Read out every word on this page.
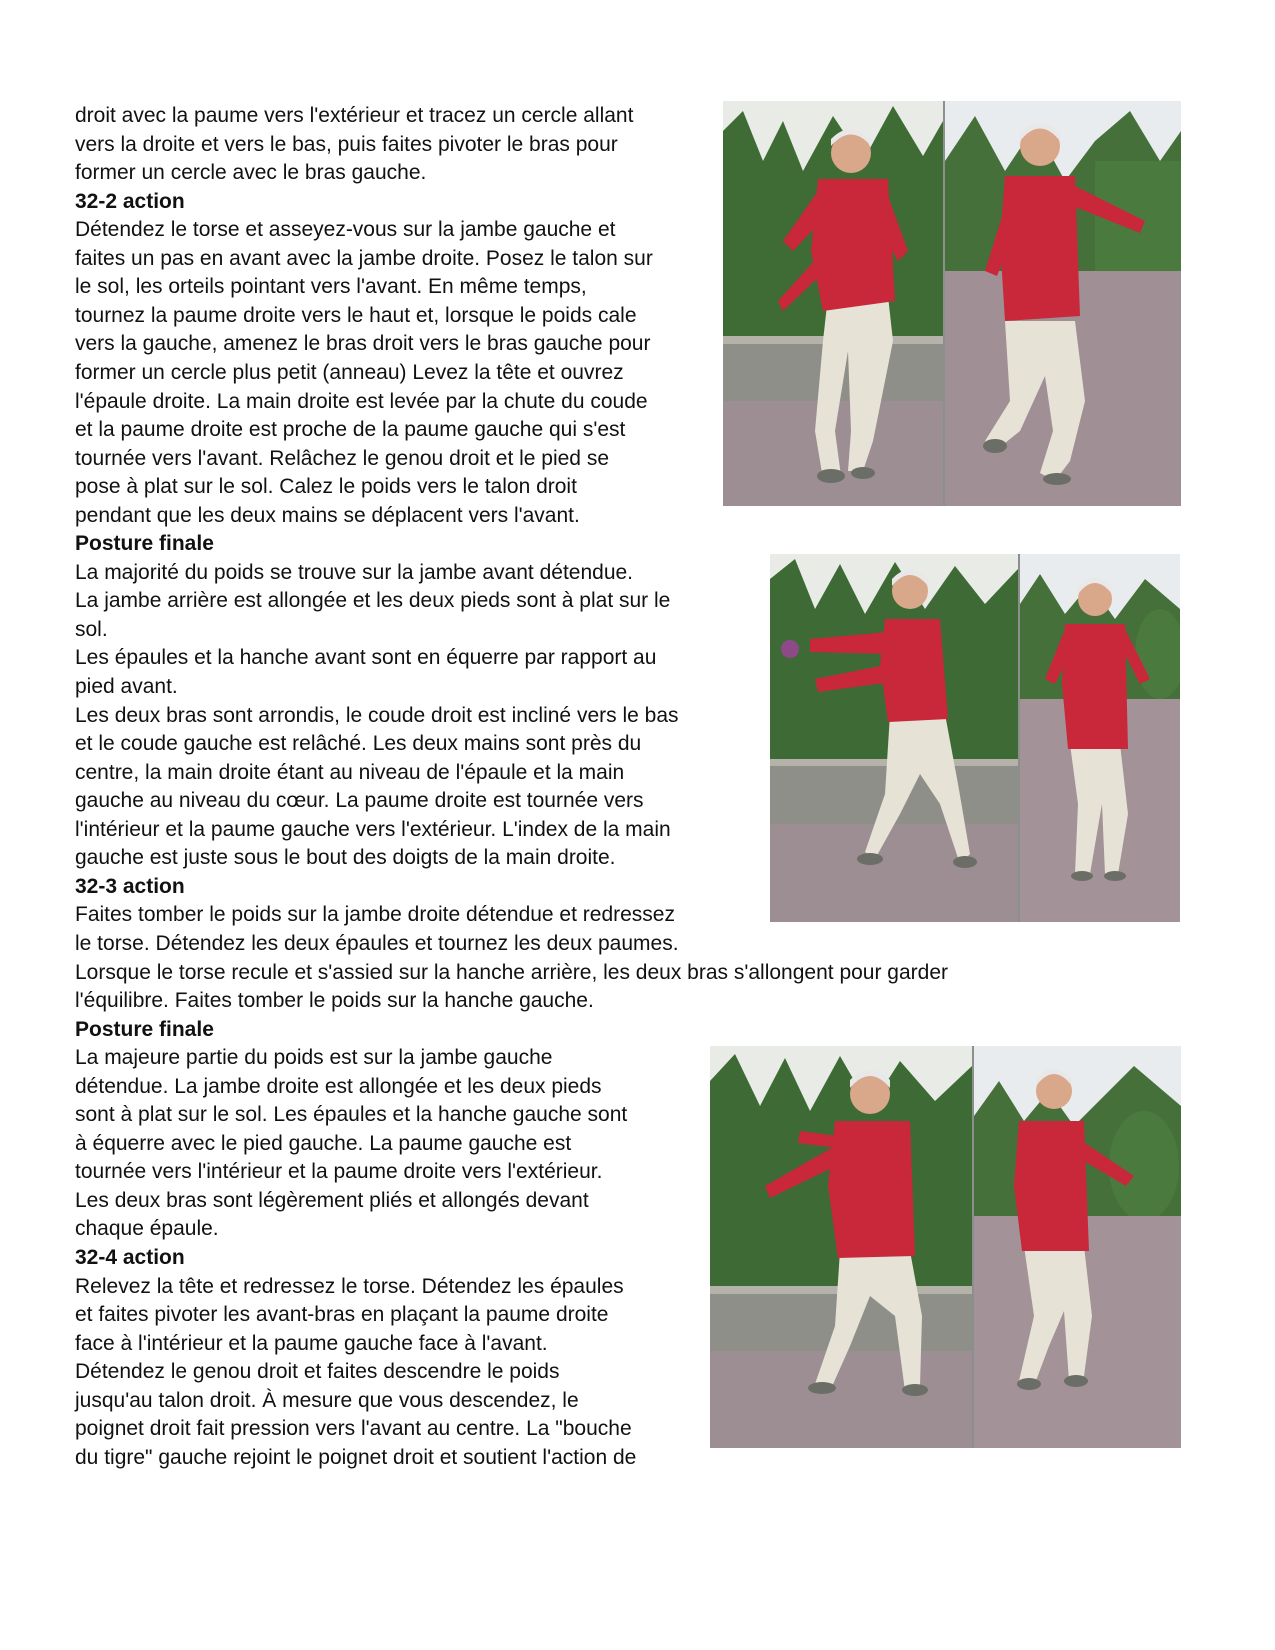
droit avec la paume vers l'extérieur et tracez un cercle allant
vers la droite et vers le bas, puis faites pivoter le bras pour
former un cercle avec le bras gauche.
32-2 action
Détendez le torse et asseyez-vous sur la jambe gauche et
faites un pas en avant avec la jambe droite. Posez le talon sur
le sol, les orteils pointant vers l'avant. En même temps,
tournez la paume droite vers le haut et, lorsque le poids cale
vers la gauche, amenez le bras droit vers le bras gauche pour
former un cercle plus petit (anneau) Levez la tête et ouvrez
l'épaule droite. La main droite est levée par la chute du coude
et la paume droite est proche de la paume gauche qui s'est
tournée vers l'avant. Relâchez le genou droit et le pied se
pose à plat sur le sol. Calez le poids vers le talon droit
pendant que les deux mains se déplacent vers l'avant.
Posture finale
La majorité du poids se trouve sur la jambe avant détendue.
La jambe arrière est allongée et les deux pieds sont à plat sur le
sol.
Les épaules et la hanche avant sont en équerre par rapport au
pied avant.
Les deux bras sont arrondis, le coude droit est incliné vers le bas
et le coude gauche est relâché. Les deux mains sont près du
centre, la main droite étant au niveau de l'épaule et la main
gauche au niveau du cœur. La paume droite est tournée vers
l'intérieur et la paume gauche vers l'extérieur. L'index de la main
gauche est juste sous le bout des doigts de la main droite.
32-3 action
Faites tomber le poids sur la jambe droite détendue et redressez
le torse. Détendez les deux épaules et tournez les deux paumes.
Lorsque le torse recule et s'assied sur la hanche arrière, les deux bras s'allongent pour garder
l'équilibre. Faites tomber le poids sur la hanche gauche.
Posture finale
La majeure partie du poids est sur la jambe gauche
détendue. La jambe droite est allongée et les deux pieds
sont à plat sur le sol. Les épaules et la hanche gauche sont
à équerre avec le pied gauche. La paume gauche est
tournée vers l'intérieur et la paume droite vers l'extérieur.
Les deux bras sont légèrement pliés et allongés devant
chaque épaule.
32-4 action
Relevez la tête et redressez le torse. Détendez les épaules
et faites pivoter les avant-bras en plaçant la paume droite
face à l'intérieur et la paume gauche face à l'avant.
Détendez le genou droit et faites descendre le poids
jusqu'au talon droit. À mesure que vous descendez, le
poignet droit fait pression vers l'avant au centre. La "bouche
du tigre" gauche rejoint le poignet droit et soutient l'action de
